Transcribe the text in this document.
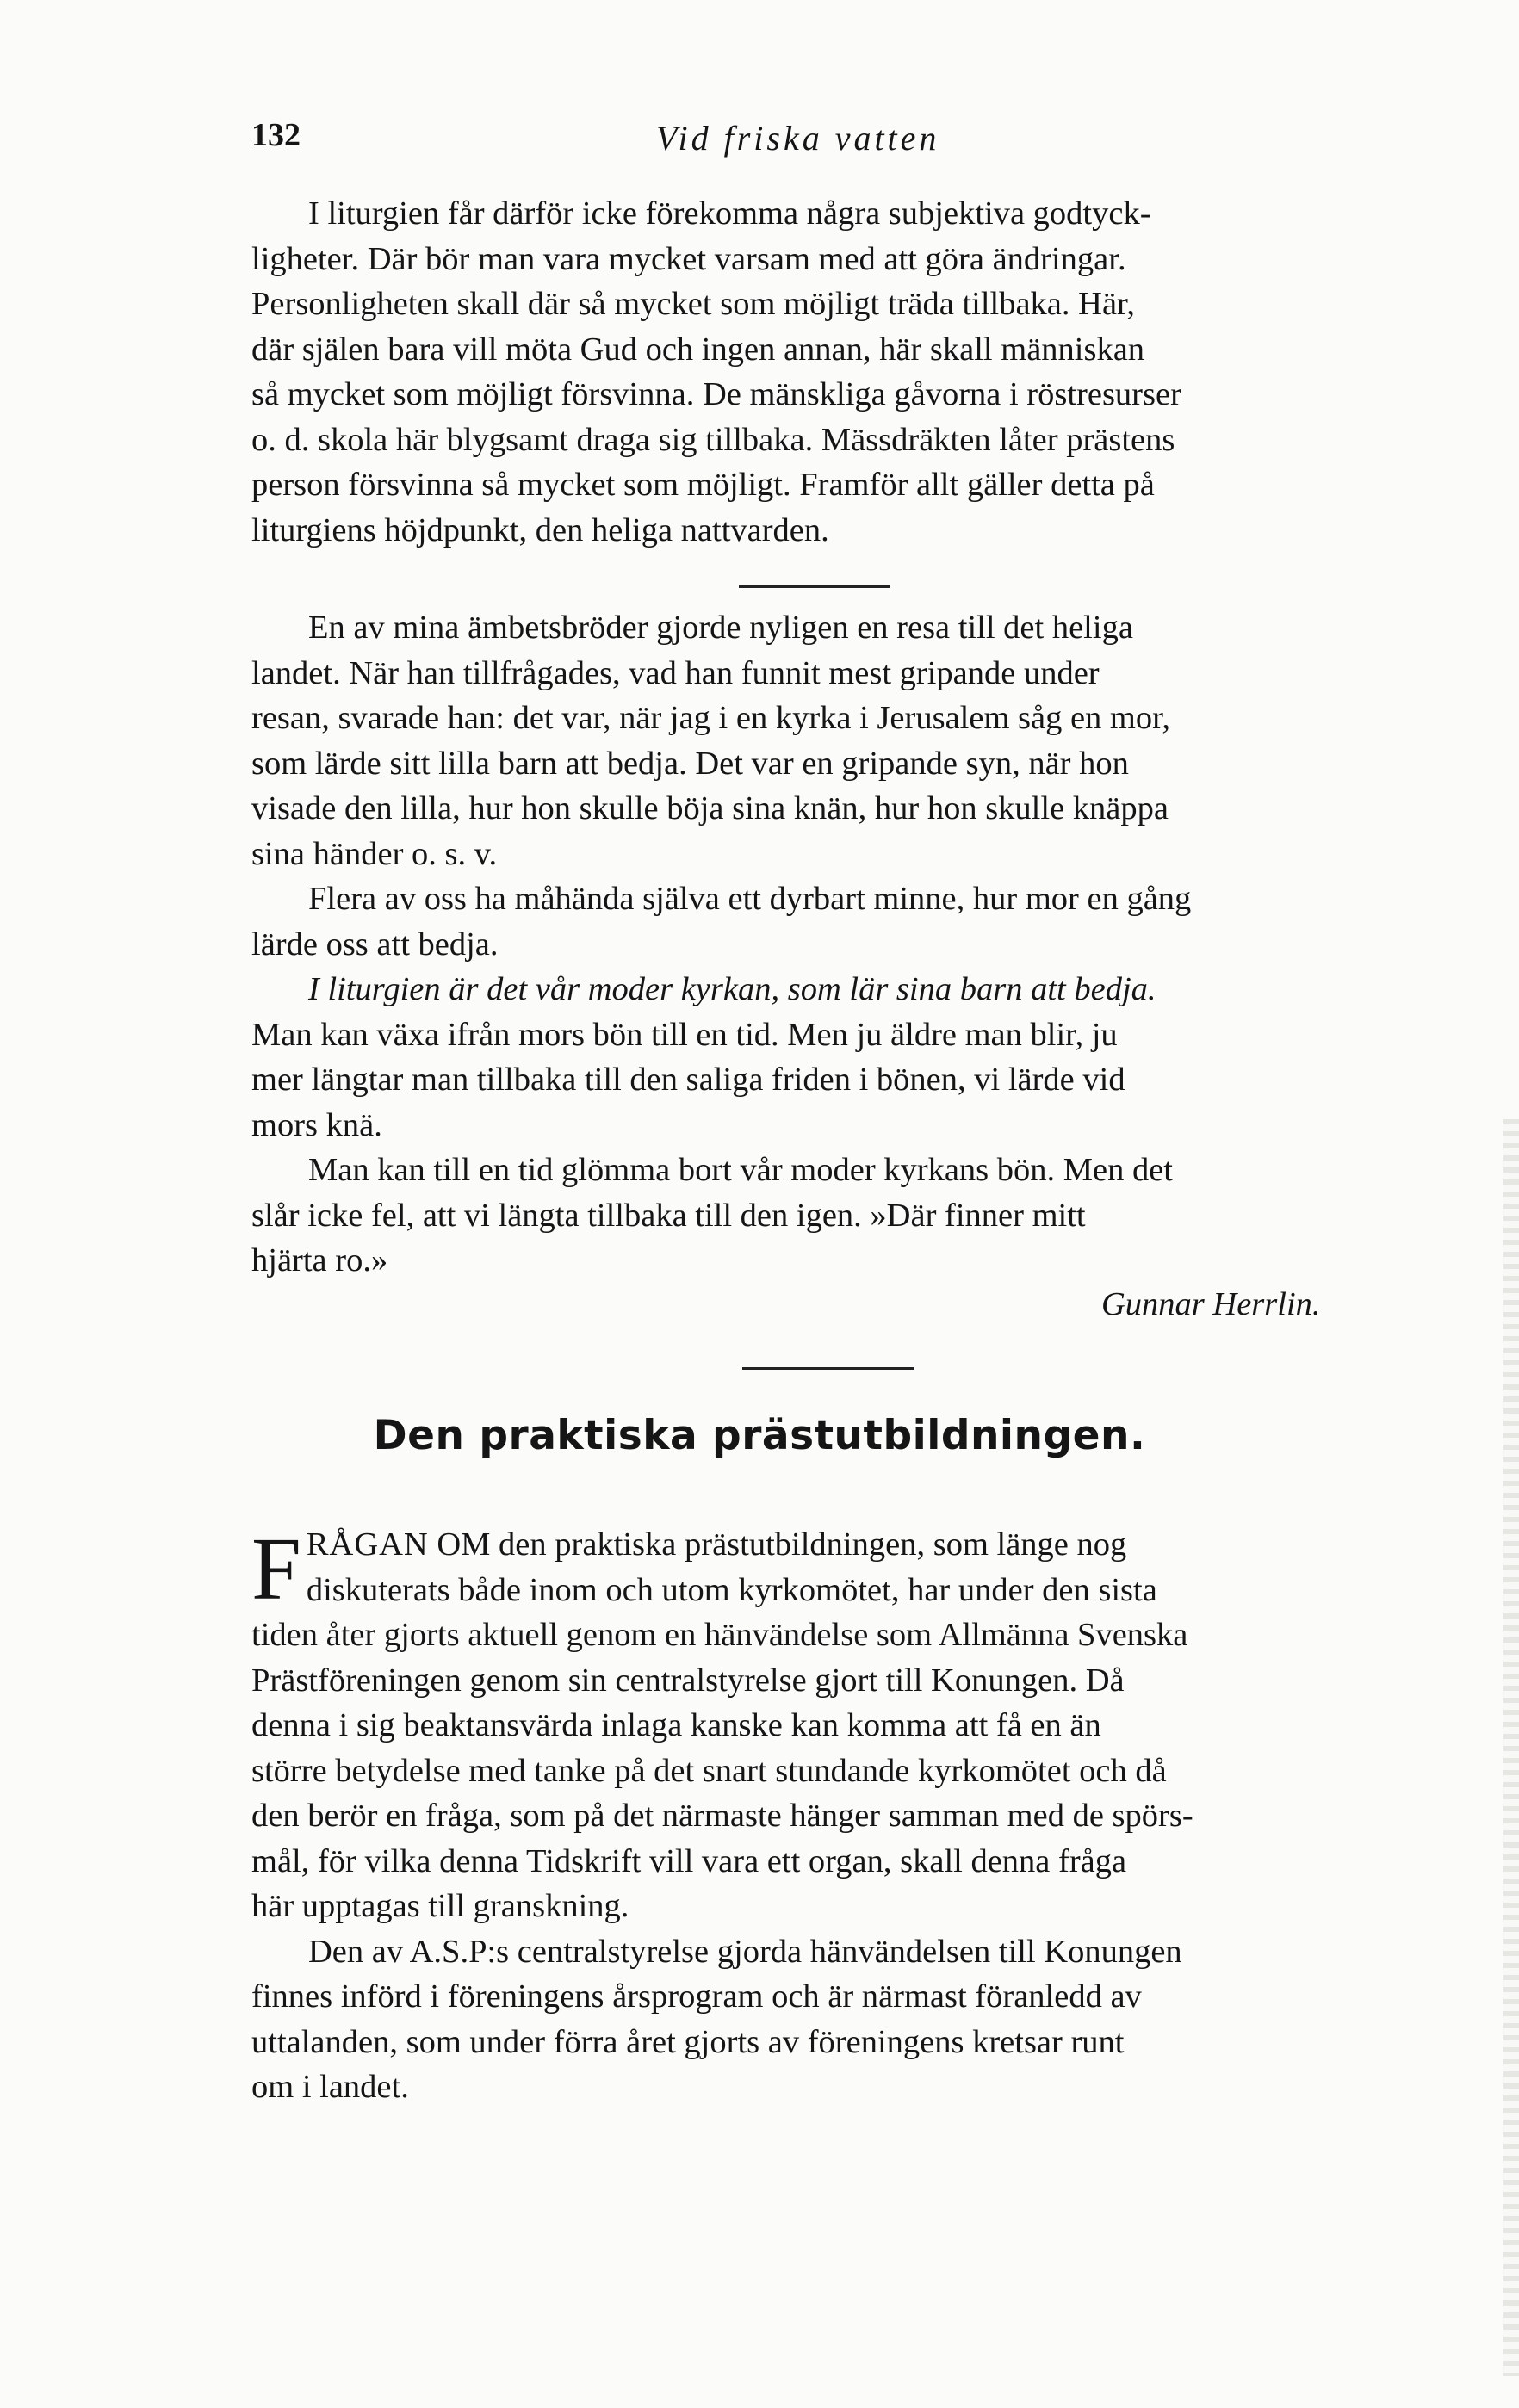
132	Vid friska vatten

I liturgien får därför icke förekomma några subjektiva godtyck-

ligheter. Där bör man vara mycket varsam med att göra ändringar.

Personligheten skall där så mycket som möjligt träda tillbaka. Här,

där själen bara vill möta Gud och ingen annan, här skall människan

så mycket som möjligt försvinna. De mänskliga gåvorna i röstresurser

o. d. skola här blygsamt draga sig tillbaka. Mässdräkten låter prästens

person försvinna så mycket som möjligt. Framför allt gäller detta på

liturgiens höjdpunkt, den heliga nattvarden.

En av mina ämbetsbröder gjorde nyligen en resa till det heliga

landet. När han tillfrågades, vad han funnit mest gripande under

resan, svarade han: det var, när jag i en kyrka i Jerusalem såg en mor,

som lärde sitt lilla barn att bedja. Det var en gripande syn, när hon

visade den lilla, hur hon skulle böja sina knän, hur hon skulle knäppa

sina händer o. s. v.

Flera av oss ha måhända själva ett dyrbart minne, hur mor en gång

lärde oss att bedja.

I liturgien är det vår moder kyrkan, som lär sina barn att bedja.

Man kan växa ifrån mors bön till en tid. Men ju äldre man blir, ju

mer längtar man tillbaka till den saliga friden i bönen, vi lärde vid

mors knä.

Man kan till en tid glömma bort vår moder kyrkans bön. Men det

slår icke fel, att vi längta tillbaka till den igen. »Där finner mitt

hjärta ro.»

Gunnar Herrlin.
Den praktiska prästutbildningen.

FRÅGAN OM den praktiska prästutbildningen, som länge nog

diskuterats både inom och utom kyrkomötet, har under den sista

tiden åter gjorts aktuell genom en hänvändelse som Allmänna Svenska

Prästföreningen genom sin centralstyrelse gjort till Konungen. Då

denna i sig beaktansvärda inlaga kanske kan komma att få en än

större betydelse med tanke på det snart stundande kyrkomötet och då

den berör en fråga, som på det närmaste hänger samman med de spörs-

mål, för vilka denna Tidskrift vill vara ett organ, skall denna fråga

här upptagas till granskning.

Den av A.S.P:s centralstyrelse gjorda hänvändelsen till Konungen

finnes införd i föreningens årsprogram och är närmast föranledd av

uttalanden, som under förra året gjorts av föreningens kretsar runt

om i landet.
